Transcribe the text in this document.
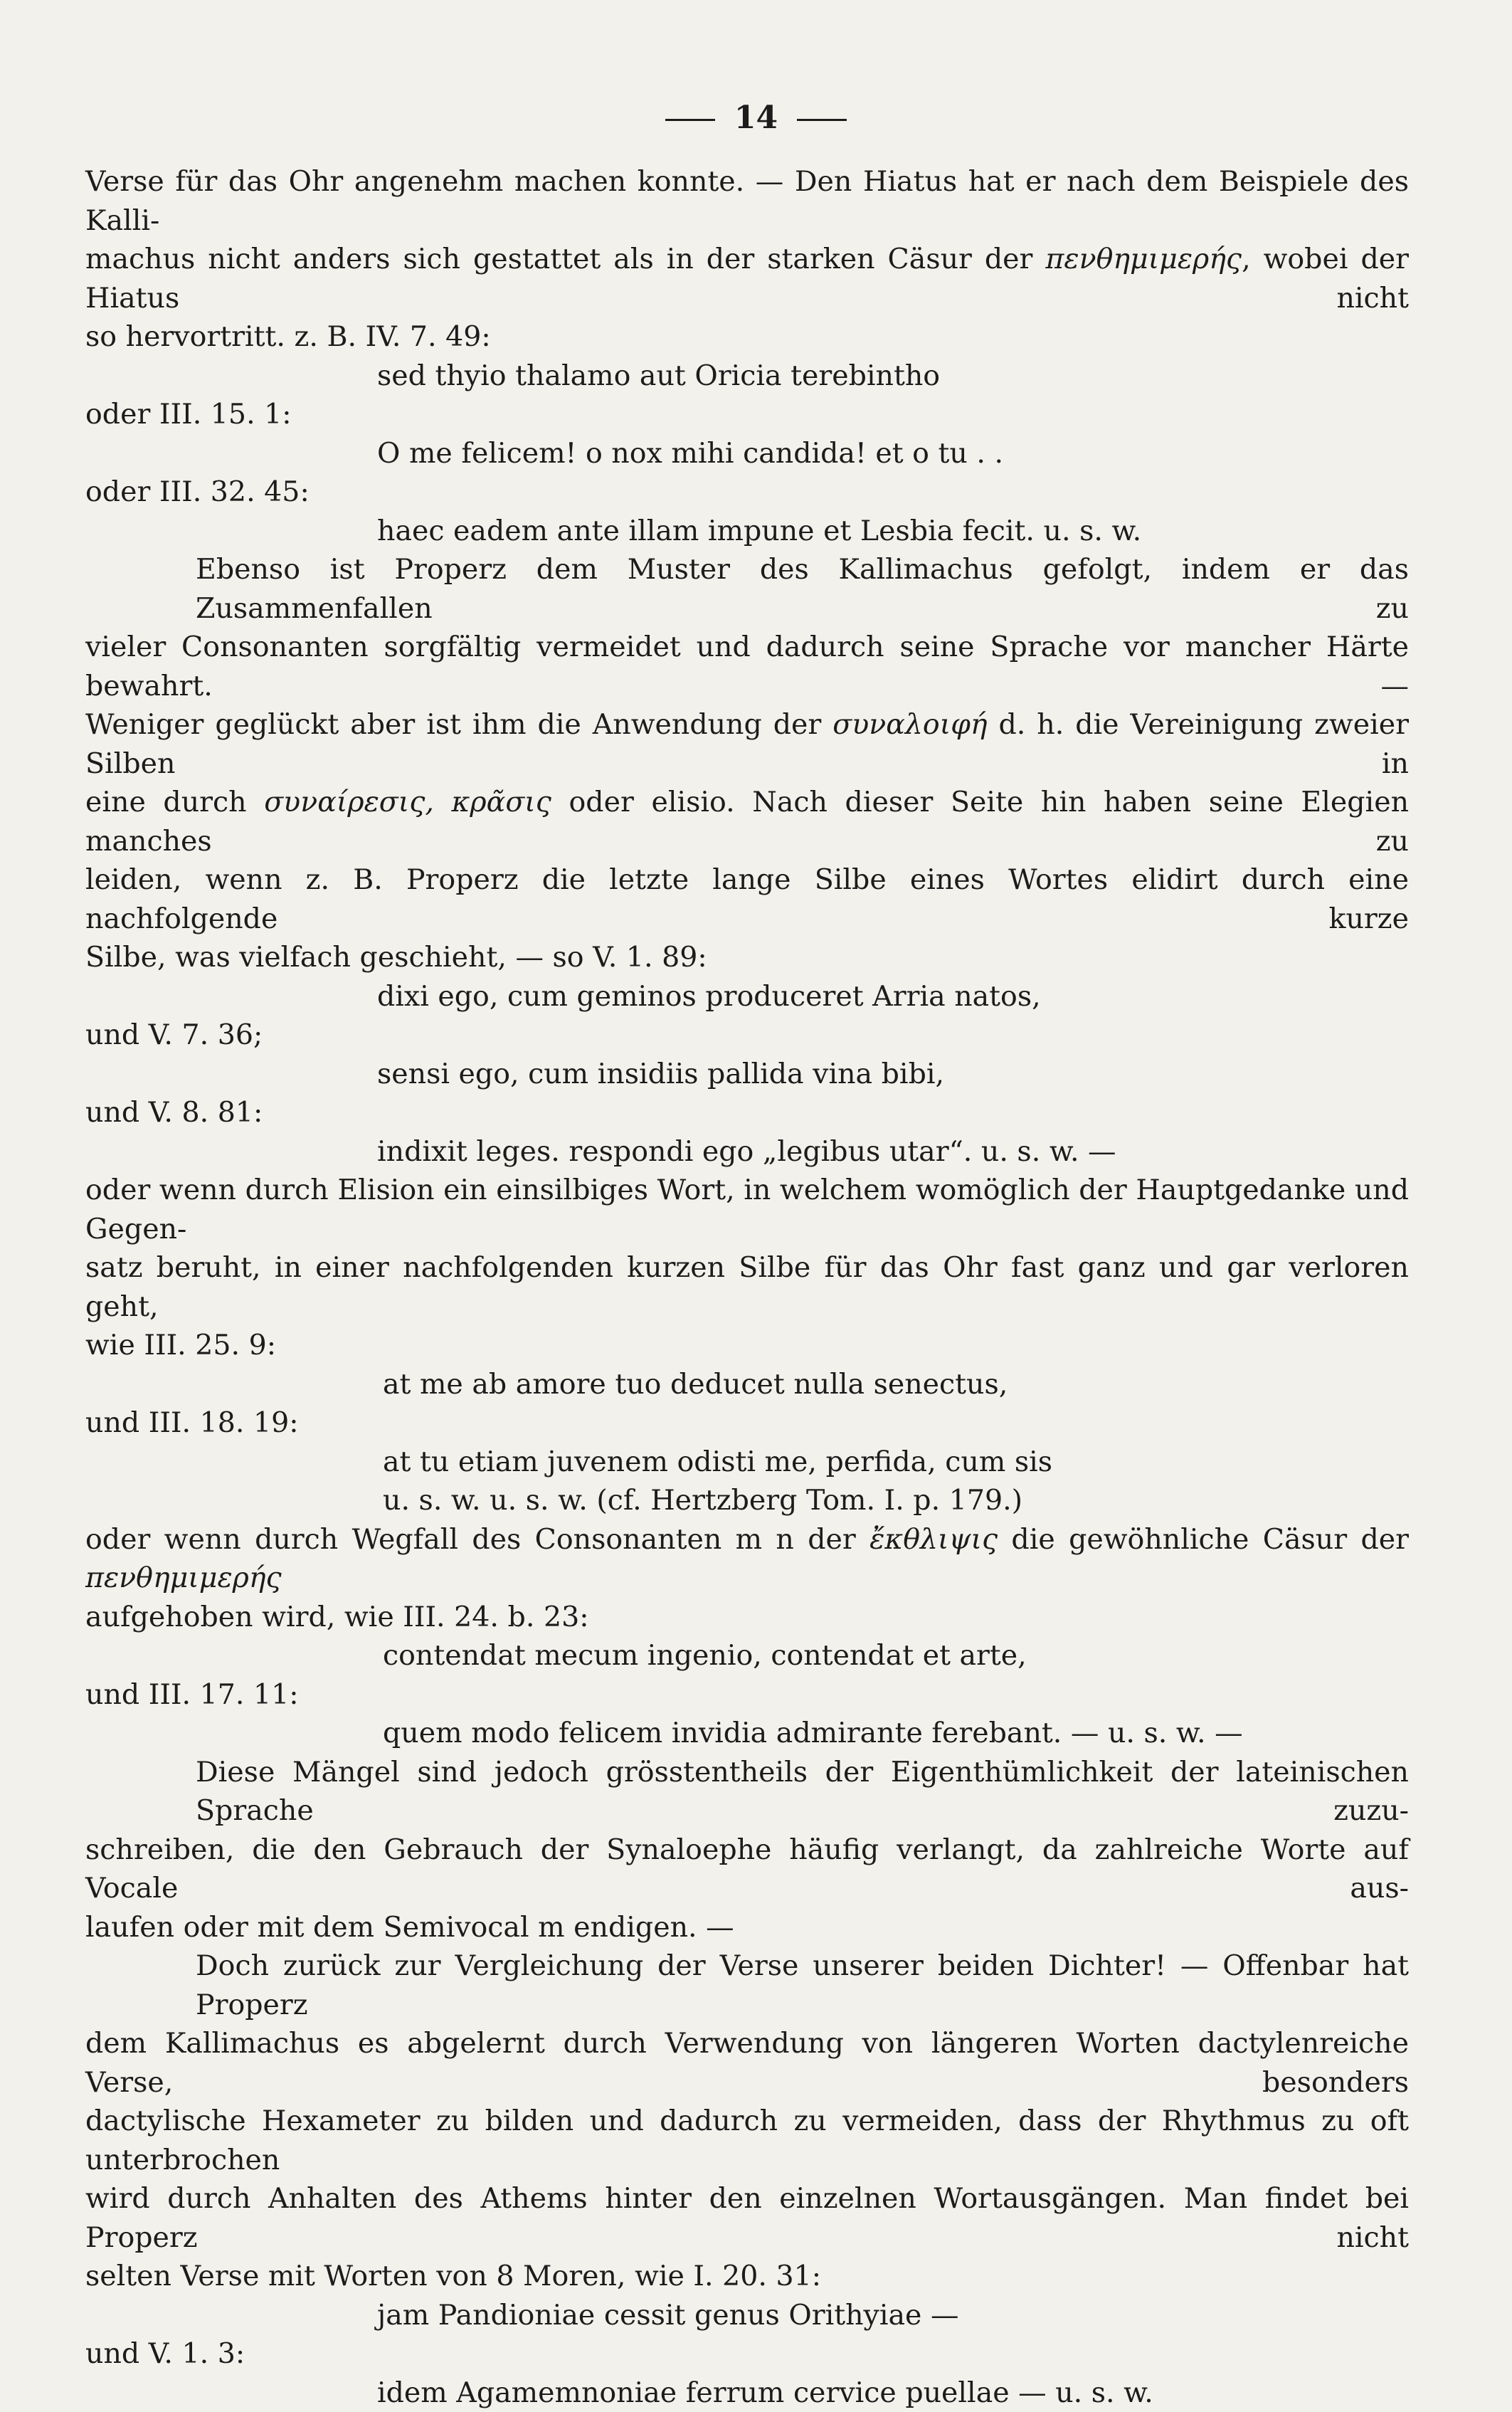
14
Verse für das Ohr angenehm machen konnte. — Den Hiatus hat er nach dem Beispiele des Kalli-
machus nicht anders sich gestattet als in der starken Cäsur der πενθημιμερής, wobei der Hiatus nicht
so hervortritt. z. B. IV. 7. 49:
sed thyio thalamo aut Oricia terebintho
oder III. 15. 1:
O me felicem! o nox mihi candida! et o tu . .
oder III. 32. 45:
haec eadem ante illam impune et Lesbia fecit. u. s. w.
Ebenso ist Properz dem Muster des Kallimachus gefolgt, indem er das Zusammenfallen zu
vieler Consonanten sorgfältig vermeidet und dadurch seine Sprache vor mancher Härte bewahrt. —
Weniger geglückt aber ist ihm die Anwendung der συναλοιφή d. h. die Vereinigung zweier Silben in
eine durch συναίρεσις, κρᾶσις oder elisio. Nach dieser Seite hin haben seine Elegien manches zu
leiden, wenn z. B. Properz die letzte lange Silbe eines Wortes elidirt durch eine nachfolgende kurze
Silbe, was vielfach geschieht, — so V. 1. 89:
dixi ego, cum geminos produceret Arria natos,
und V. 7. 36;
sensi ego, cum insidiis pallida vina bibi,
und V. 8. 81:
indixit leges. respondi ego „legibus utar“. u. s. w. —
oder wenn durch Elision ein einsilbiges Wort, in welchem womöglich der Hauptgedanke und Gegen-
satz beruht, in einer nachfolgenden kurzen Silbe für das Ohr fast ganz und gar verloren geht,
wie III. 25. 9:
at me ab amore tuo deducet nulla senectus,
und III. 18. 19:
at tu etiam juvenem odisti me, perfida, cum sis
u. s. w. u. s. w. (cf. Hertzberg Tom. I. p. 179.)
oder wenn durch Wegfall des Consonanten m n der ἔκθλιψις die gewöhnliche Cäsur der πενθημιμερής
aufgehoben wird, wie III. 24. b. 23:
contendat mecum ingenio, contendat et arte,
und III. 17. 11:
quem modo felicem invidia admirante ferebant. — u. s. w. —
Diese Mängel sind jedoch grösstentheils der Eigenthümlichkeit der lateinischen Sprache zuzu-
schreiben, die den Gebrauch der Synaloephe häufig verlangt, da zahlreiche Worte auf Vocale aus-
laufen oder mit dem Semivocal m endigen. —
Doch zurück zur Vergleichung der Verse unserer beiden Dichter! — Offenbar hat Properz
dem Kallimachus es abgelernt durch Verwendung von längeren Worten dactylenreiche Verse, besonders
dactylische Hexameter zu bilden und dadurch zu vermeiden, dass der Rhythmus zu oft unterbrochen
wird durch Anhalten des Athems hinter den einzelnen Wortausgängen. Man findet bei Properz nicht
selten Verse mit Worten von 8 Moren, wie I. 20. 31:
jam Pandioniae cessit genus Orithyiae —
und V. 1. 3:
idem Agamemnoniae ferrum cervice puellae — u. s. w.
